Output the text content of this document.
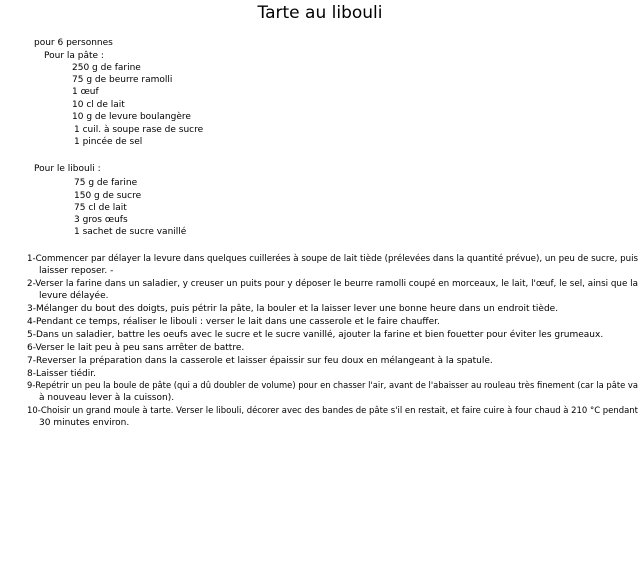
Tarte au libouli
pour 6 personnes
Pour la pâte :
250 g de farine
75 g de beurre ramolli
1 œuf
10 cl de lait
10 g de levure boulangère
1 cuil. à soupe rase de sucre
1 pincée de sel
Pour le libouli :
75 g de farine
150 g de sucre
75 cl de lait
3 gros œufs
1 sachet de sucre vanillé
1-Commencer par délayer la levure dans quelques cuillerées à soupe de lait tiède (prélevées dans la quantité prévue), un peu de sucre, puis
laisser reposer. -
2-Verser la farine dans un saladier, y creuser un puits pour y déposer le beurre ramolli coupé en morceaux, le lait, l'œuf, le sel, ainsi que la
levure délayée.
3-Mélanger du bout des doigts, puis pétrir la pâte, la bouler et la laisser lever une bonne heure dans un endroit tiède.
4-Pendant ce temps, réaliser le libouli : verser le lait dans une casserole et le faire chauffer.
5-Dans un saladier, battre les oeufs avec le sucre et le sucre vanillé, ajouter la farine et bien fouetter pour éviter les grumeaux.
6-Verser le lait peu à peu sans arrêter de battre.
7-Reverser la préparation dans la casserole et laisser épaissir sur feu doux en mélangeant à la spatule.
8-Laisser tiédir.
9-Repétrir un peu la boule de pâte (qui a dû doubler de volume) pour en chasser l'air, avant de l'abaisser au rouleau très finement (car la pâte va
à nouveau lever à la cuisson).
10-Choisir un grand moule à tarte. Verser le libouli, décorer avec des bandes de pâte s'il en restait, et faire cuire à four chaud à 210 °C pendant
30 minutes environ.
